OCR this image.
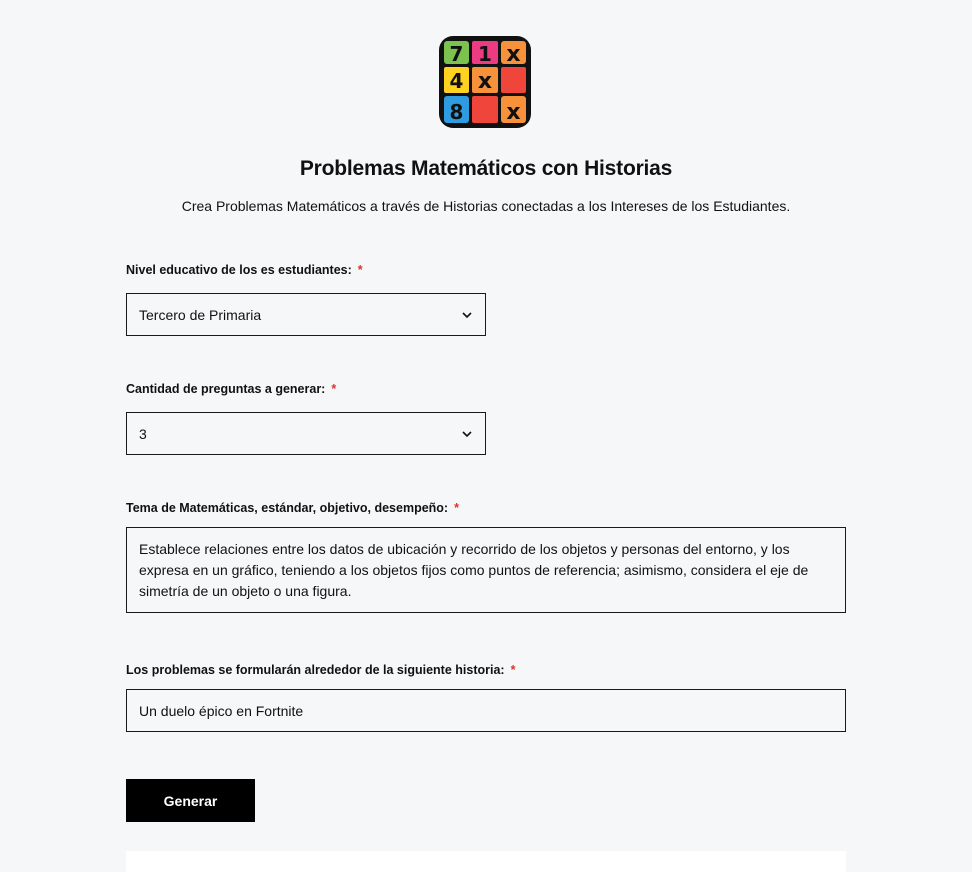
7 1 x
4 x
8 x
Problemas Matemáticos con Historias
Crea Problemas Matemáticos a través de Historias conectadas a los Intereses de los Estudiantes.
Nivel educativo de los es estudiantes: *
Tercero de Primaria
Cantidad de preguntas a generar: *
3
Tema de Matemáticas, estándar, objetivo, desempeño: *
Establece relaciones entre los datos de ubicación y recorrido de los objetos y personas del entorno, y los expresa en un gráfico, teniendo a los objetos fijos como puntos de referencia; asimismo, considera el eje de simetría de un objeto o una figura.
Los problemas se formularán alrededor de la siguiente historia: *
Un duelo épico en Fortnite
Generar
